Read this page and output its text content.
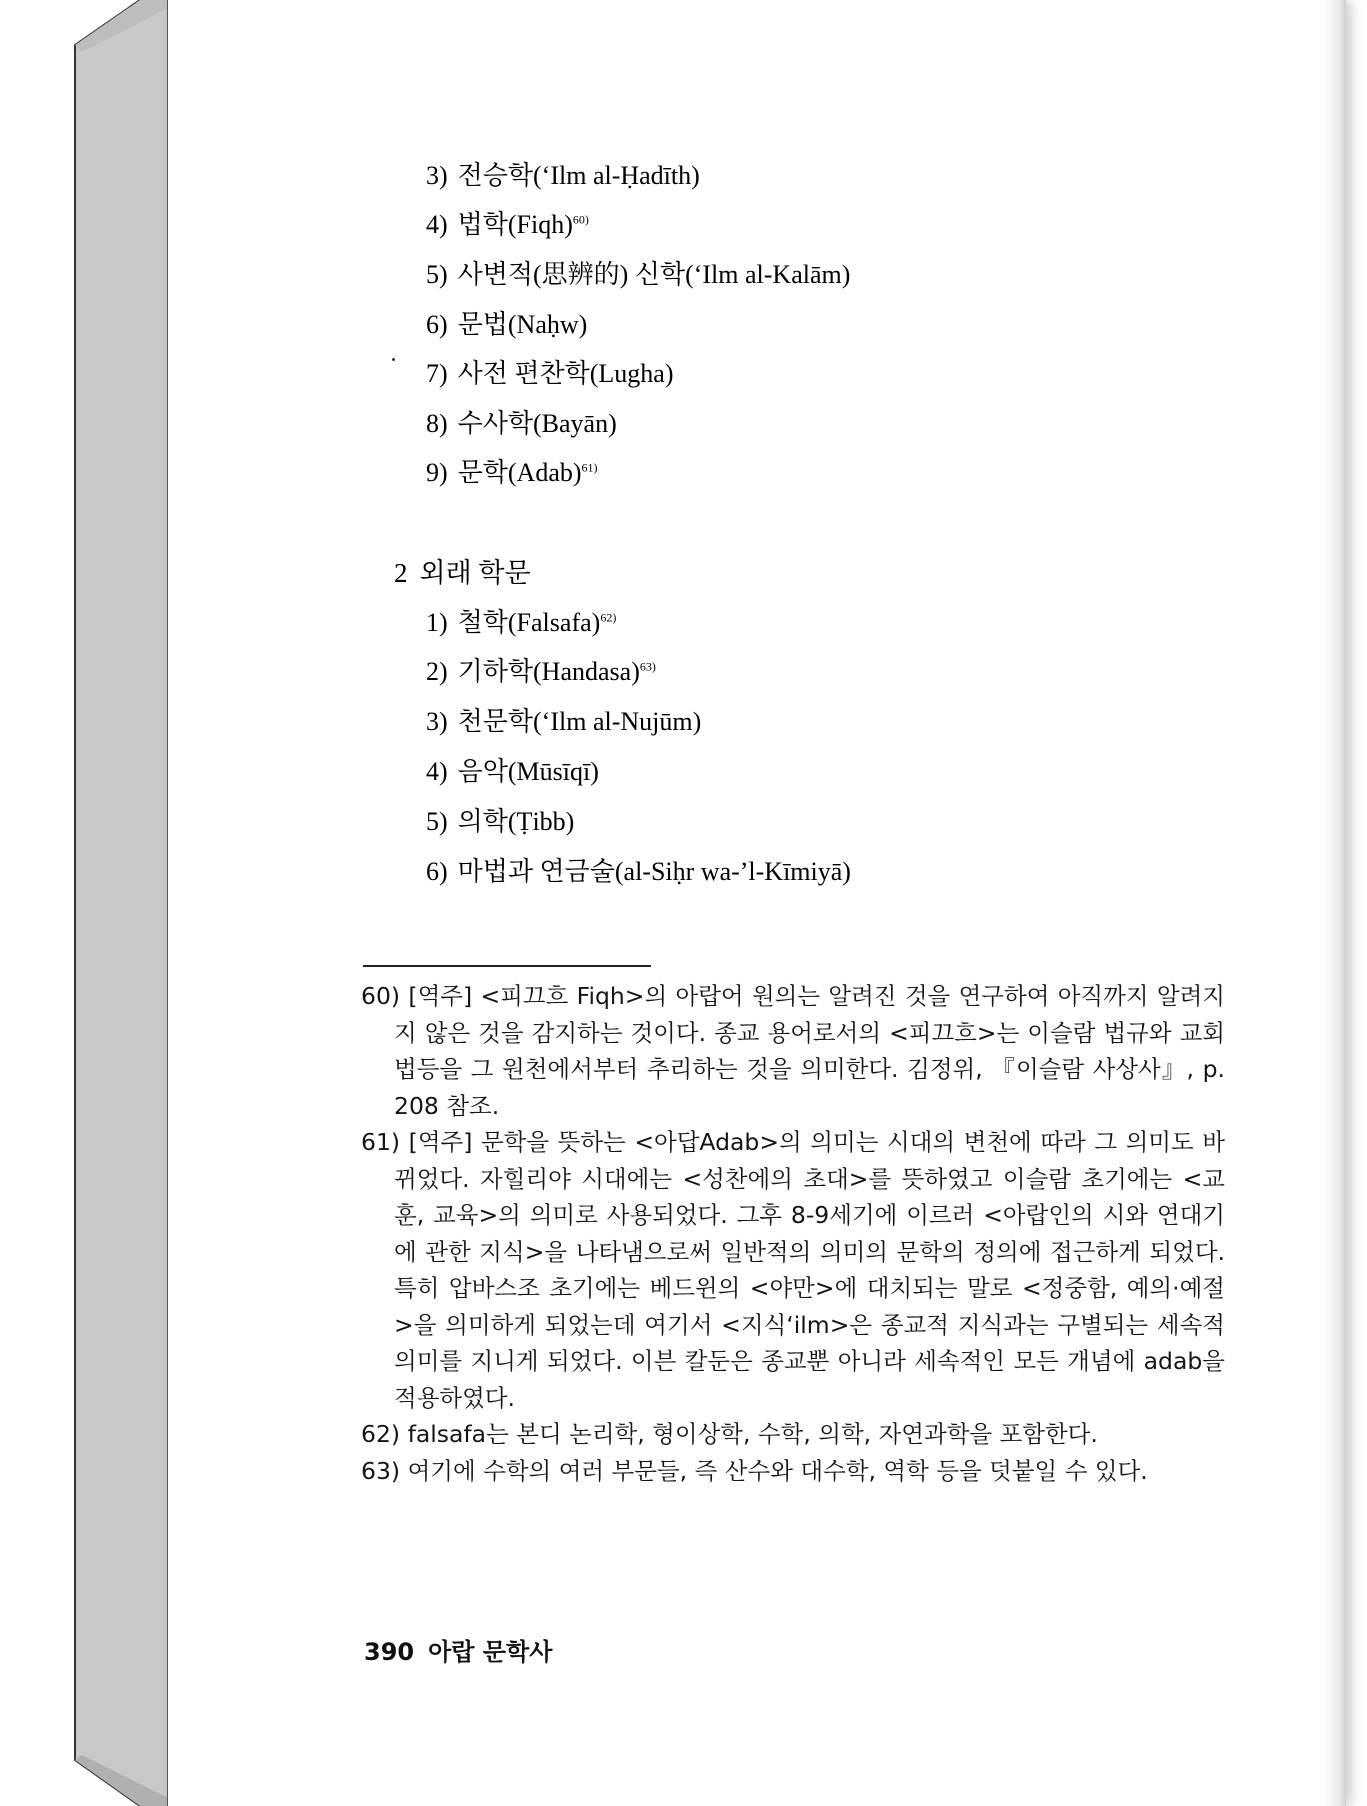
3) 전승학(‘Ilm al-Ḥadīth)
4) 법학(Fiqh)$^{60)}$
5) 사변적(思辨的) 신학(‘Ilm al-Kalām)
6) 문법(Naḥw)
7) 사전 편찬학(Lugha)
8) 수사학(Bayān)
9) 문학(Adab)$^{61)}$
2 외래 학문
1) 철학(Falsafa)$^{62)}$
2) 기하학(Handasa)$^{63)}$
3) 천문학(‘Ilm al-Nujūm)
4) 음악(Mūsīqī)
5) 의학(Ṭibb)
6) 마법과 연금술(al-Siḥr wa-’l-Kīmiyā)

60) [역주] <피끄흐 Fiqh>의 아랍어 원의는 알려진 것을 연구하여 아직까지 알려지지 않은 것을 감지하는 것이다. 종교 용어로서의 <피끄흐>는 이슬람 법규와 교회법등을 그 원천에서부터 추리하는 것을 의미한다. 김정위, 『이슬람 사상사』, p. 208 참조.

61) [역주] 문학을 뜻하는 <아답Adab>의 의미는 시대의 변천에 따라 그 의미도 바뀌었다. 자힐리야 시대에는 <성찬에의 초대>를 뜻하였고 이슬람 초기에는 <교훈, 교육>의 의미로 사용되었다. 그후 8-9세기에 이르러 <아랍인의 시와 연대기에 관한 지식>을 나타냄으로써 일반적의 의미의 문학의 정의에 접근하게 되었다. 특히 압바스조 초기에는 베드윈의 <야만>에 대치되는 말로 <정중함, 예의·예절>을 의미하게 되었는데 여기서 <지식‘ilm>은 종교적 지식과는 구별되는 세속적 의미를 지니게 되었다. 이븐 칼둔은 종교뿐 아니라 세속적인 모든 개념에 adab을 적용하였다.

62) falsafa는 본디 논리학, 형이상학, 수학, 의학, 자연과학을 포함한다.

63) 여기에 수학의 여러 부문들, 즉 산수와 대수학, 역학 등을 덧붙일 수 있다.

390 아랍 문학사
